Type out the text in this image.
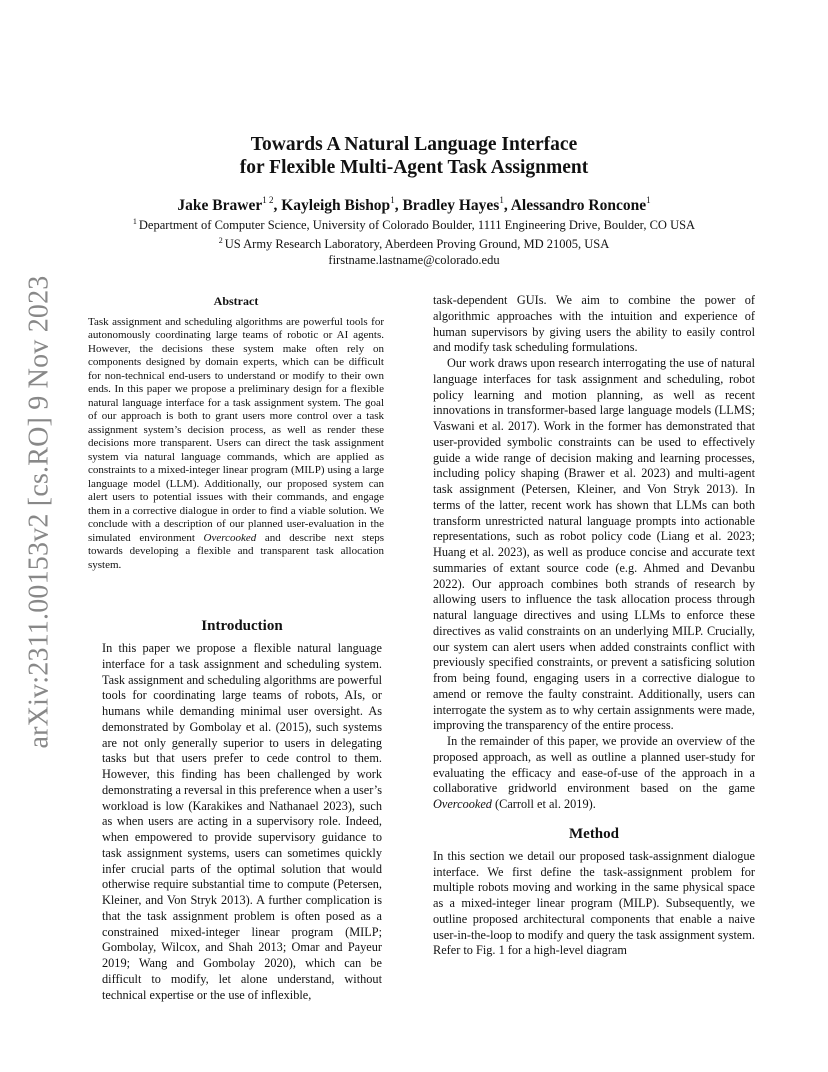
arXiv:2311.00153v2 [cs.RO] 9 Nov 2023
Towards A Natural Language Interface
for Flexible Multi-Agent Task Assignment
Jake Brawer$^{1 2}$, Kayleigh Bishop$^1$, Bradley Hayes$^1$, Alessandro Roncone$^1$
$^1$ Department of Computer Science, University of Colorado Boulder, 1111 Engineering Drive, Boulder, CO USA
$^2$ US Army Research Laboratory, Aberdeen Proving Ground, MD 21005, USA
firstname.lastname@colorado.edu
Abstract

Task assignment and scheduling algorithms are powerful tools for autonomously coordinating large teams of robotic or AI agents. However, the decisions these system make often rely on components designed by domain experts, which can be difficult for non-technical end-users to understand or modify to their own ends. In this paper we propose a preliminary design for a flexible natural language interface for a task assignment system. The goal of our approach is both to grant users more control over a task assignment system’s decision process, as well as render these decisions more transparent. Users can direct the task assignment system via natural language commands, which are applied as constraints to a mixed-integer linear program (MILP) using a large language model (LLM). Additionally, our proposed system can alert users to potential issues with their commands, and engage them in a corrective dialogue in order to find a viable solution. We conclude with a description of our planned user-evaluation in the simulated environment Overcooked and describe next steps towards developing a flexible and transparent task allocation system.

Introduction

In this paper we propose a flexible natural language interface for a task assignment and scheduling system. Task assignment and scheduling algorithms are powerful tools for coordinating large teams of robots, AIs, or humans while demanding minimal user oversight. As demonstrated by Gombolay et al. (2015), such systems are not only generally superior to users in delegating tasks but that users prefer to cede control to them. However, this finding has been challenged by work demonstrating a reversal in this preference when a user’s workload is low (Karakikes and Nathanael 2023), such as when users are acting in a supervisory role. Indeed, when empowered to provide supervisory guidance to task assignment systems, users can sometimes quickly infer crucial parts of the optimal solution that would otherwise require substantial time to compute (Petersen, Kleiner, and Von Stryk 2013). A further complication is that the task assignment problem is often posed as a constrained mixed-integer linear program (MILP; Gombolay, Wilcox, and Shah 2013; Omar and Payeur 2019; Wang and Gombolay 2020), which can be difficult to modify, let alone understand, without technical expertise or the use of inflexible,

task-dependent GUIs. We aim to combine the power of algorithmic approaches with the intuition and experience of human supervisors by giving users the ability to easily control and modify task scheduling formulations.

Our work draws upon research interrogating the use of natural language interfaces for task assignment and scheduling, robot policy learning and motion planning, as well as recent innovations in transformer-based large language models (LLMS; Vaswani et al. 2017). Work in the former has demonstrated that user-provided symbolic constraints can be used to effectively guide a wide range of decision making and learning processes, including policy shaping (Brawer et al. 2023) and multi-agent task assignment (Petersen, Kleiner, and Von Stryk 2013). In terms of the latter, recent work has shown that LLMs can both transform unrestricted natural language prompts into actionable representations, such as robot policy code (Liang et al. 2023; Huang et al. 2023), as well as produce concise and accurate text summaries of extant source code (e.g. Ahmed and Devanbu 2022). Our approach combines both strands of research by allowing users to influence the task allocation process through natural language directives and using LLMs to enforce these directives as valid constraints on an underlying MILP. Crucially, our system can alert users when added constraints conflict with previously specified constraints, or prevent a satisficing solution from being found, engaging users in a corrective dialogue to amend or remove the faulty constraint. Additionally, users can interrogate the system as to why certain assignments were made, improving the transparency of the entire process.

In the remainder of this paper, we provide an overview of the proposed approach, as well as outline a planned user-study for evaluating the efficacy and ease-of-use of the approach in a collaborative gridworld environment based on the game Overcooked (Carroll et al. 2019).

Method

In this section we detail our proposed task-assignment dialogue interface. We first define the task-assignment problem for multiple robots moving and working in the same physical space as a mixed-integer linear program (MILP). Subsequently, we outline proposed architectural components that enable a naive user-in-the-loop to modify and query the task assignment system. Refer to Fig. 1 for a high-level diagram
